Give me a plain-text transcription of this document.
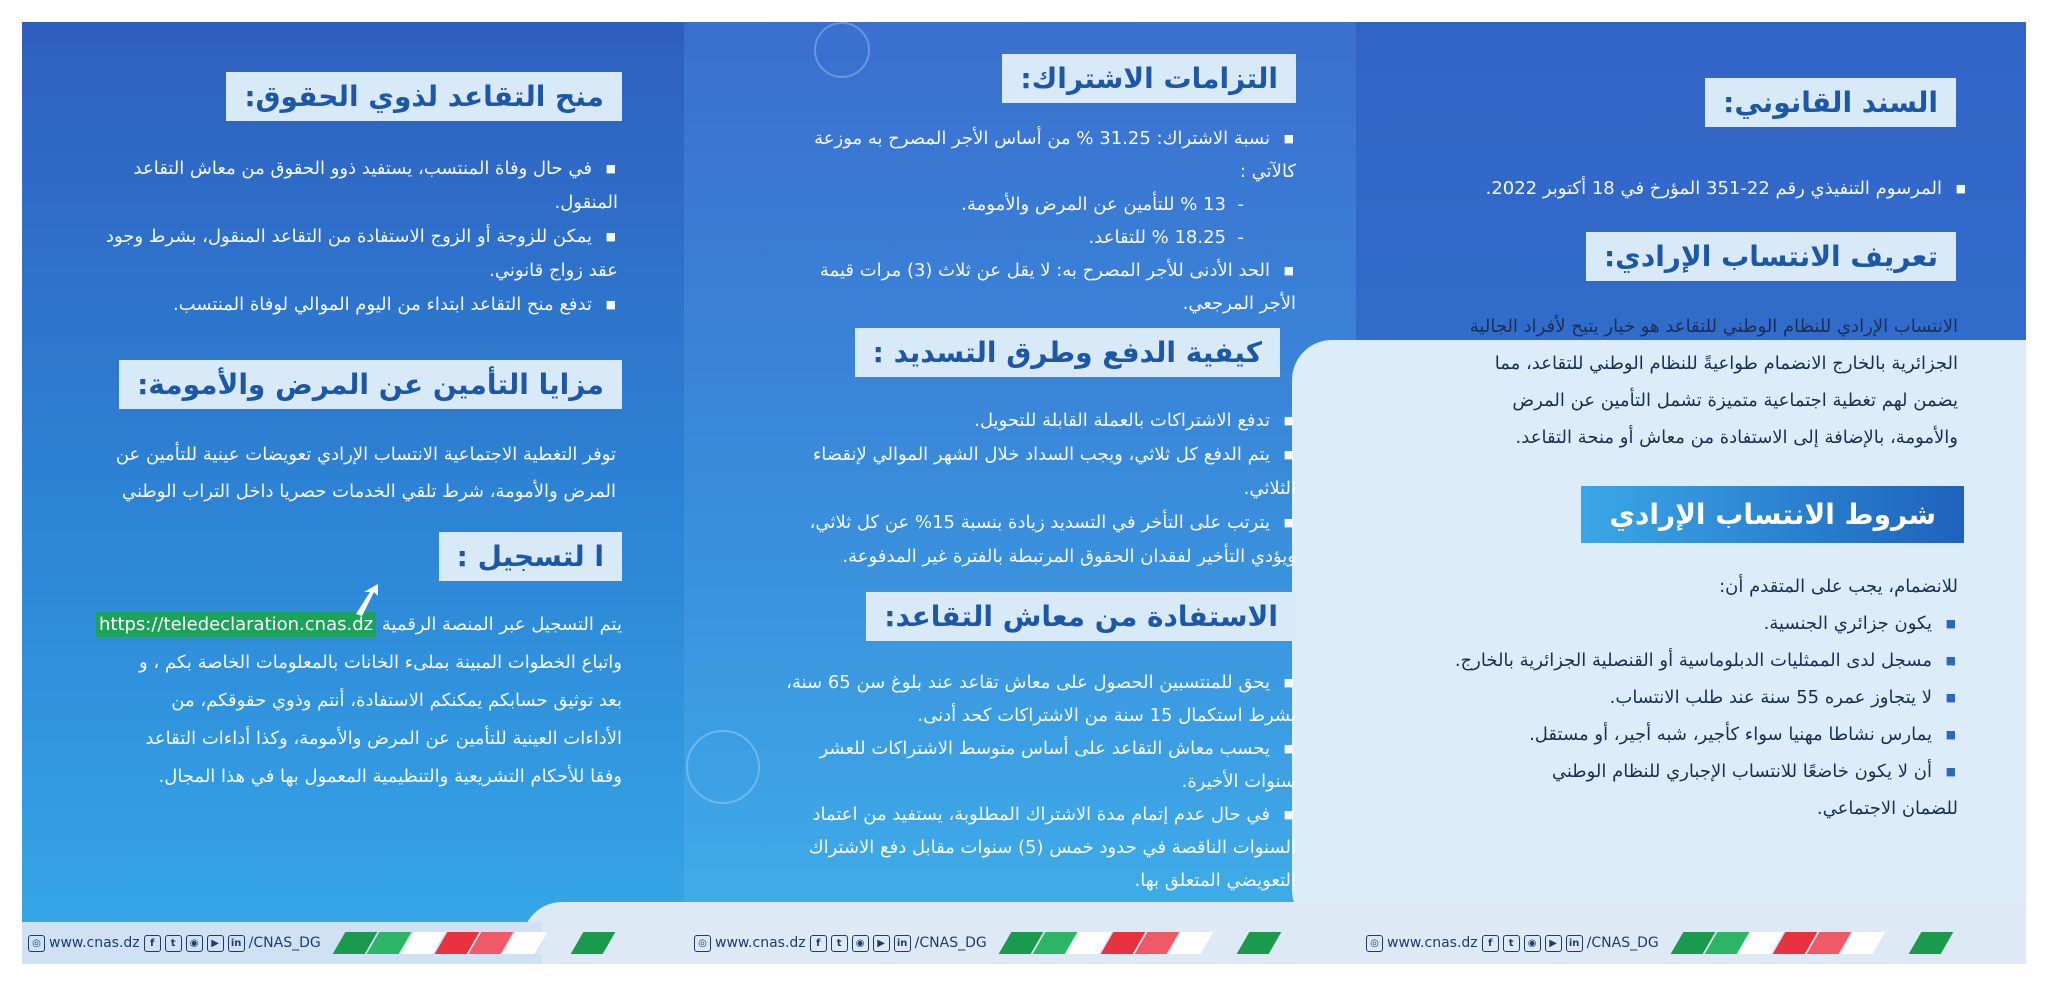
السند القانوني:
■ المرسوم التنفيذي رقم 22-351 المؤرخ في 18 أكتوبر 2022.
تعريف الانتساب الإرادي:
الانتساب الإرادي للنظام الوطني للتقاعد هو خيار يتيح لأفراد الجالية
الجزائرية بالخارج الانضمام طواعيةً للنظام الوطني للتقاعد، مما
يضمن لهم تغطية اجتماعية متميزة تشمل التأمين عن المرض
والأمومة، بالإضافة إلى الاستفادة من معاش أو منحة التقاعد.
شروط الانتساب الإرادي
للانضمام، يجب على المتقدم أن:
■ يكون جزائري الجنسية.
■ مسجل لدى الممثليات الدبلوماسية أو القنصلية الجزائرية بالخارج.
■ لا يتجاوز عمره 55 سنة عند طلب الانتساب.
■ يمارس نشاطا مهنيا سواء كأجير، شبه أجير، أو مستقل.
■ أن لا يكون خاضعًا للانتساب الإجباري للنظام الوطني
للضمان الاجتماعي.
التزامات الاشتراك:
■ نسبة الاشتراك: 31.25 % من أساس الأجر المصرح به موزعة
كالآتي :
- 13 % للتأمين عن المرض والأمومة.
- 18.25 % للتقاعد.
■ الحد الأدنى للأجر المصرح به: لا يقل عن ثلاث (3) مرات قيمة
الأجر المرجعي.
كيفية الدفع وطرق التسديد :
■ تدفع الاشتراكات بالعملة القابلة للتحويل.
■ يتم الدفع كل ثلاثي، ويجب السداد خلال الشهر الموالي لإنقضاء
الثلاثي.
■ يترتب على التأخر في التسديد زيادة بنسبة 15% عن كل ثلاثي،
ويؤدي التأخير لفقدان الحقوق المرتبطة بالفترة غير المدفوعة.
الاستفادة من معاش التقاعد:
■ يحق للمنتسبين الحصول على معاش تقاعد عند بلوغ سن 65 سنة،
بشرط استكمال 15 سنة من الاشتراكات كحد أدنى.
■ يحسب معاش التقاعد على أساس متوسط الاشتراكات للعشر
سنوات الأخيرة.
■ في حال عدم إتمام مدة الاشتراك المطلوبة، يستفيد من اعتماد
السنوات الناقصة في حدود خمس (5) سنوات مقابل دفع الاشتراك
التعويضي المتعلق بها.
منح التقاعد لذوي الحقوق:
■ في حال وفاة المنتسب، يستفيد ذوو الحقوق من معاش التقاعد
المنقول.
■ يمكن للزوجة أو الزوج الاستفادة من التقاعد المنقول، بشرط وجود
عقد زواج قانوني.
■ تدفع منح التقاعد ابتداء من اليوم الموالي لوفاة المنتسب.
مزايا التأمين عن المرض والأمومة:
توفر التغطية الاجتماعية الانتساب الإرادي تعويضات عينية للتأمين عن
المرض والأمومة، شرط تلقي الخدمات حصريا داخل التراب الوطني
ا لتسجيل :
يتم التسجيل عبر المنصة الرقمية https://teledeclaration.cnas.dz
واتباع الخطوات المبينة بملىء الخانات بالمعلومات الخاصة بكم ، و
بعد توثيق حسابكم يمكنكم الاستفادة، أنتم وذوي حقوقكم، من
الأداءات العينية للتأمين عن المرض والأمومة، وكذا أداءات التقاعد
وفقا للأحكام التشريعية والتنظيمية المعمول بها في هذا المجال.
◎ www.cnas.dz	f	t	◉	▶	in /CNAS_DG	◎ www.cnas.dz	f	t	◉	▶	in /CNAS_DG	◎ www.cnas.dz	f	t	◉	▶	in /CNAS_DG
